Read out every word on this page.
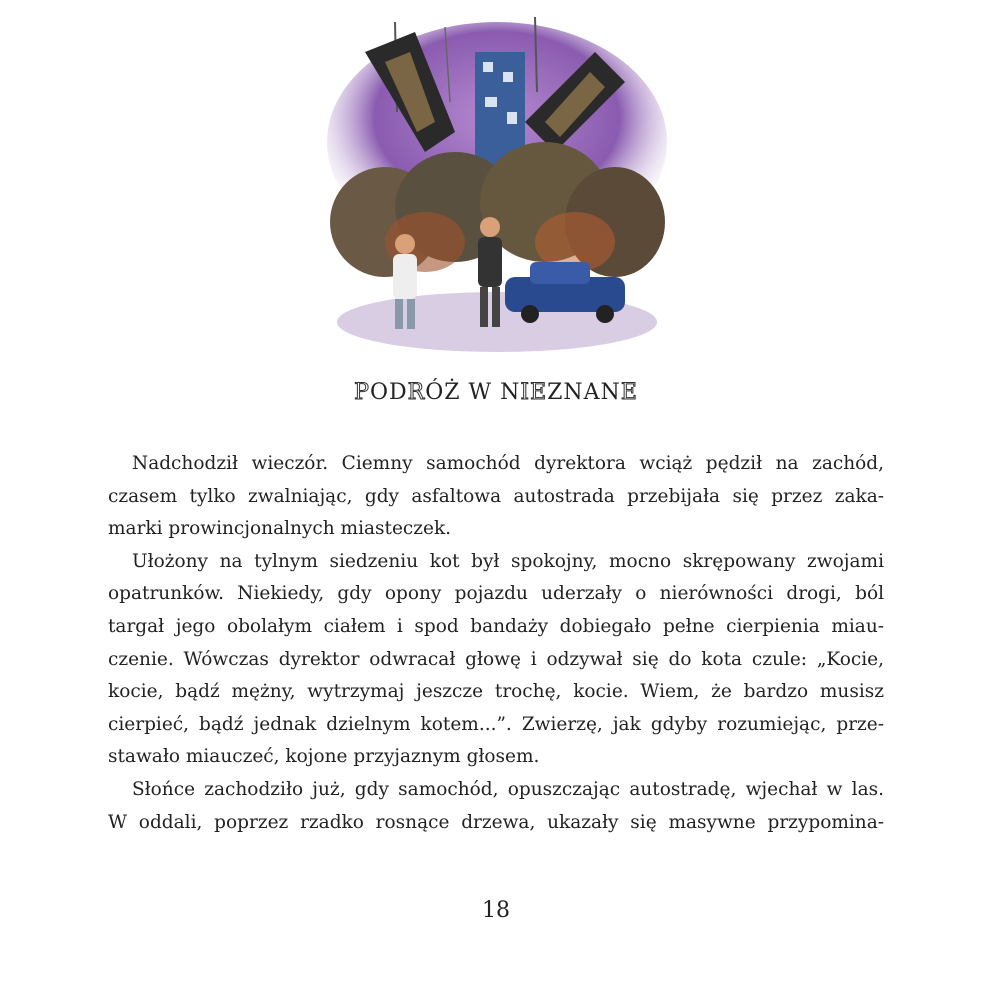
PODRÓŻ W NIEZNANE

Nadchodził wieczór. Ciemny samochód dyrektora wciąż pędził na zachód,
czasem tylko zwalniając, gdy asfaltowa autostrada przebijała się przez zaka-
marki prowincjonalnych miasteczek.

Ułożony na tylnym siedzeniu kot był spokojny, mocno skrępowany zwojami
opatrunków. Niekiedy, gdy opony pojazdu uderzały o nierówności drogi, ból
targał jego obolałym ciałem i spod bandaży dobiegało pełne cierpienia miau-
czenie. Wówczas dyrektor odwracał głowę i odzywał się do kota czule: „Kocie,
kocie, bądź mężny, wytrzymaj jeszcze trochę, kocie. Wiem, że bardzo musisz
cierpieć, bądź jednak dzielnym kotem...”. Zwierzę, jak gdyby rozumiejąc, prze-
stawało miauczeć, kojone przyjaznym głosem.

Słońce zachodziło już, gdy samochód, opuszczając autostradę, wjechał w las.
W oddali, poprzez rzadko rosnące drzewa, ukazały się masywne przypomina-

18
